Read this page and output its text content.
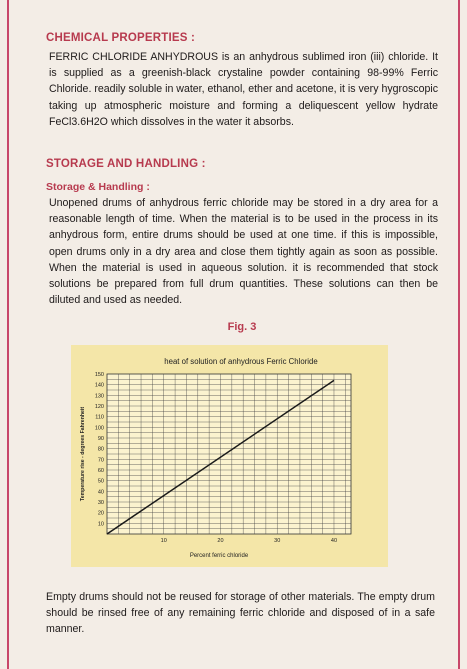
CHEMICAL PROPERTIES :

FERRIC CHLORIDE ANHYDROUS is an anhydrous sublimed iron (iii) chloride. It is supplied as a greenish-black crystaline powder containing 98-99% Ferric Chloride. readily soluble in water, ethanol, ether and acetone, it is very hygroscopic taking up atmospheric moisture and forming a deliquescent yellow hydrate FeCl3.6H2O which dissolves in the water it absorbs.

STORAGE AND HANDLING :
Storage & Handling :

Unopened drums of anhydrous ferric chloride may be stored in a dry area for a reasonable length of time. When the material is to be used in the process in its anhydrous form, entire drums should be used at one time. if this is impossible, open drums only in a dry area and close them tightly again as soon as possible. When the material is used in aqueous solution. it is recommended that stock solutions be prepared from full drum quantities. These solutions can then be diluted and used as needed.

Fig. 3
10
20
30
40
50
60
70
80
90
100
110
120
130
140
150
10	20	30	40
heat of solution of anhydrous Ferric Chloride
Percent ferric chloride
Temperature rise - degrees Fahrenheit

Empty drums should not be reused for storage of other materials. The empty drum should be rinsed free of any remaining ferric chloride and disposed of in a safe manner.
